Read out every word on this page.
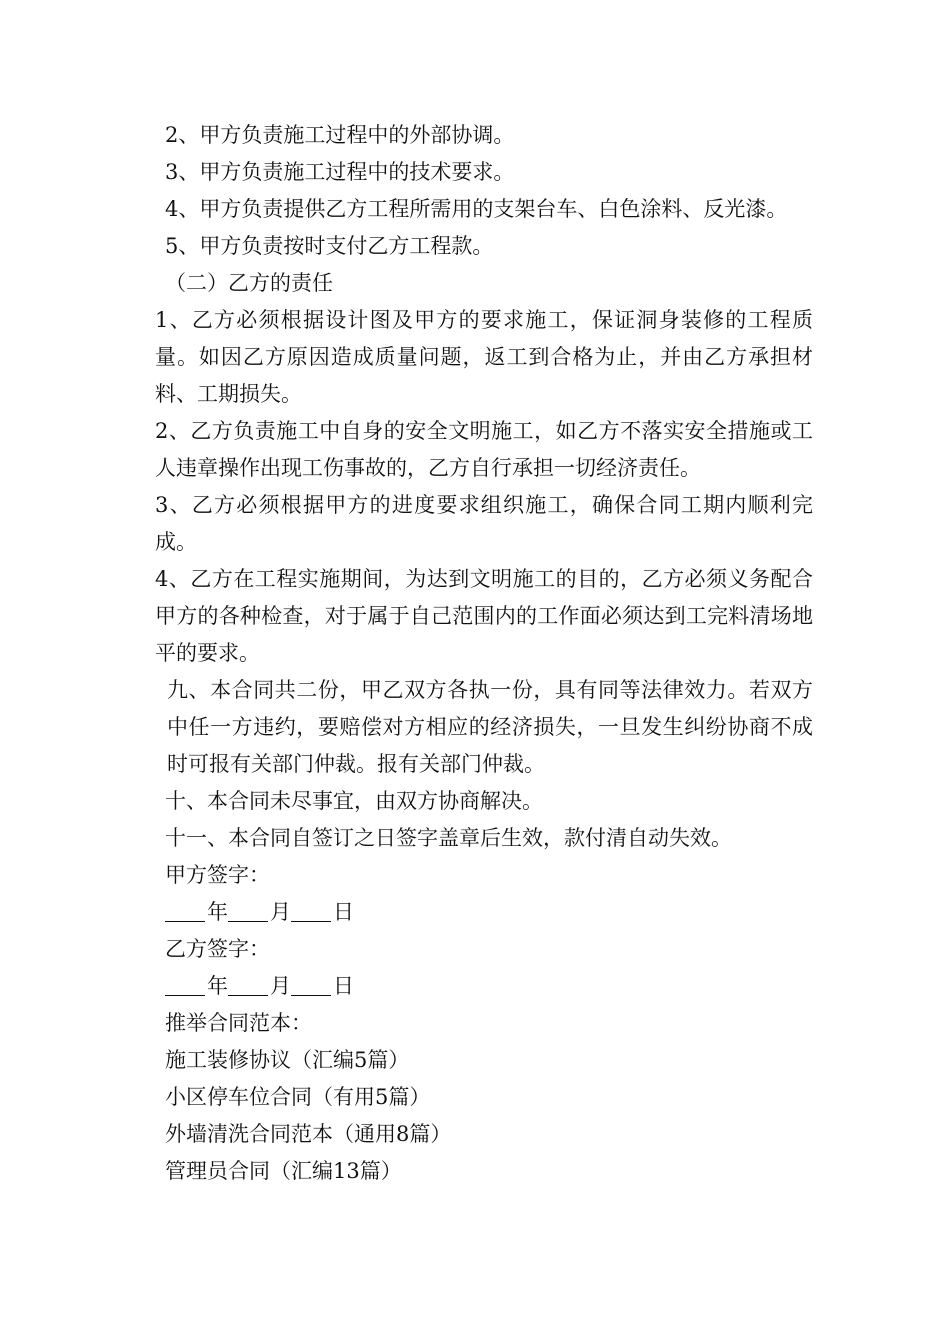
2、甲方负责施工过程中的外部协调。

3、甲方负责施工过程中的技术要求。

4、甲方负责提供乙方工程所需用的支架台车、白色涂料、反光漆。

5、甲方负责按时支付乙方工程款。

（二）乙方的责任

1、乙方必须根据设计图及甲方的要求施工，保证洞身装修的工程质量。如因乙方原因造成质量问题，返工到合格为止，并由乙方承担材料、工期损失。

2、乙方负责施工中自身的安全文明施工，如乙方不落实安全措施或工人违章操作出现工伤事故的，乙方自行承担一切经济责任。

3、乙方必须根据甲方的进度要求组织施工，确保合同工期内顺利完成。

4、乙方在工程实施期间，为达到文明施工的目的，乙方必须义务配合甲方的各种检查，对于属于自己范围内的工作面必须达到工完料清场地平的要求。

九、本合同共二份，甲乙双方各执一份，具有同等法律效力。若双方中任一方违约，要赔偿对方相应的经济损失，一旦发生纠纷协商不成时可报有关部门仲裁。报有关部门仲裁。

十、本合同未尽事宜，由双方协商解决。

十一、本合同自签订之日签字盖章后生效，款付清自动失效。

甲方签字：

年 月 日

乙方签字：

年 月 日

推举合同范本：

施工装修协议（汇编5篇）

小区停车位合同（有用5篇）

外墙清洗合同范本（通用8篇）

管理员合同（汇编13篇）
